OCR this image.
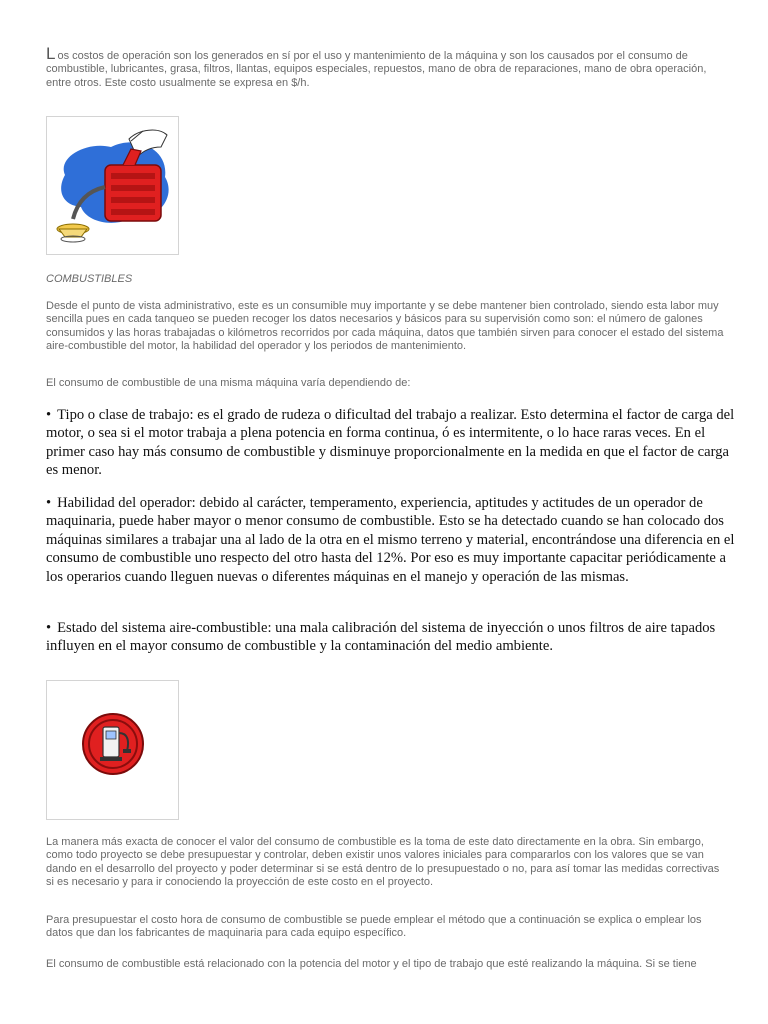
Los costos de operación son los generados en sí por el uso y mantenimiento de la máquina y son los causados por el consumo de combustible, lubricantes, grasa, filtros, llantas, equipos especiales, repuestos, mano de obra de reparaciones, mano de obra operación, entre otros. Este costo usualmente se expresa en $/h.

COMBUSTIBLES

Desde el punto de vista administrativo, este es un consumible muy importante y se debe mantener bien controlado, siendo esta labor muy sencilla pues en cada tanqueo se pueden recoger los datos necesarios y básicos para su supervisión como son: el número de galones consumidos y las horas trabajadas o kilómetros recorridos por cada máquina, datos que también sirven para conocer el estado del sistema aire-combustible del motor, la habilidad del operador y los periodos de mantenimiento.

El consumo de combustible de una misma máquina varía dependiendo de:

• Tipo o clase de trabajo: es el grado de rudeza o dificultad del trabajo a realizar. Esto determina el factor de carga del motor, o sea si el motor trabaja a plena potencia en forma continua, ó es intermitente, o lo hace raras veces. En el primer caso hay más consumo de combustible y disminuye proporcionalmente en la medida en que el factor de carga es menor.

• Habilidad del operador: debido al carácter, temperamento, experiencia, aptitudes y actitudes de un operador de maquinaria, puede haber mayor o menor consumo de combustible. Esto se ha detectado cuando se han colocado dos máquinas similares a trabajar una al lado de la otra en el mismo terreno y material, encontrándose una diferencia en el consumo de combustible uno respecto del otro hasta del 12%. Por eso es muy importante capacitar periódicamente a los operarios cuando lleguen nuevas o diferentes máquinas en el manejo y operación de las mismas.

• Estado del sistema aire-combustible: una mala calibración del sistema de inyección o unos filtros de aire tapados influyen en el mayor consumo de combustible y la contaminación del medio ambiente.

La manera más exacta de conocer el valor del consumo de combustible es la toma de este dato directamente en la obra. Sin embargo, como todo proyecto se debe presupuestar y controlar, deben existir unos valores iniciales para compararlos con los valores que se van dando en el desarrollo del proyecto y poder determinar si se está dentro de lo presupuestado o no, para así tomar las medidas correctivas si es necesario y para ir conociendo la proyección de este costo en el proyecto.

Para presupuestar el costo hora de consumo de combustible se puede emplear el método que a continuación se explica o emplear los datos que dan los fabricantes de maquinaria para cada equipo específico.

El consumo de combustible está relacionado con la potencia del motor y el tipo de trabajo que esté realizando la máquina. Si se tiene
